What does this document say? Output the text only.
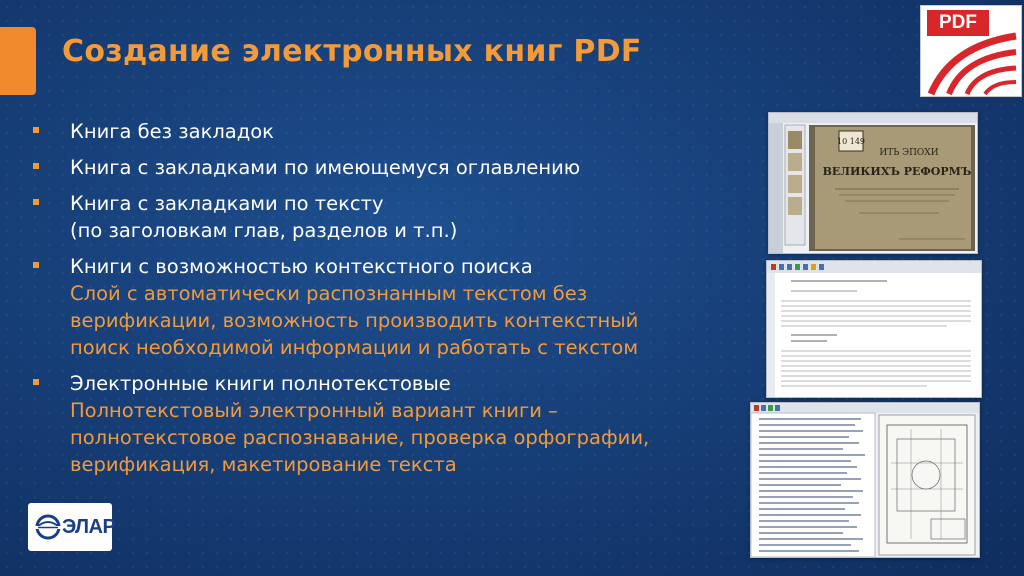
Создание электронных книг PDF
PDF
Книга без закладок
Книга с закладками по имеющемуся оглавлению
Книга с закладками по тексту
(по заголовкам глав, разделов и т.п.)
Книги с возможностью контекстного поиска
Слой с автоматически распознанным текстом без
верификации, возможность производить контекстный
поиск необходимой информации и работать с текстом
Электронные книги полнотекстовые
Полнотекстовый электронный вариант книги –
полнотекстовое распознавание, проверка орфографии,
верификация, макетирование текста
10 149
ИТЬ ЭПОХИ
ВЕЛИКИХЪ РЕФОРМЪ
ЭЛАР
